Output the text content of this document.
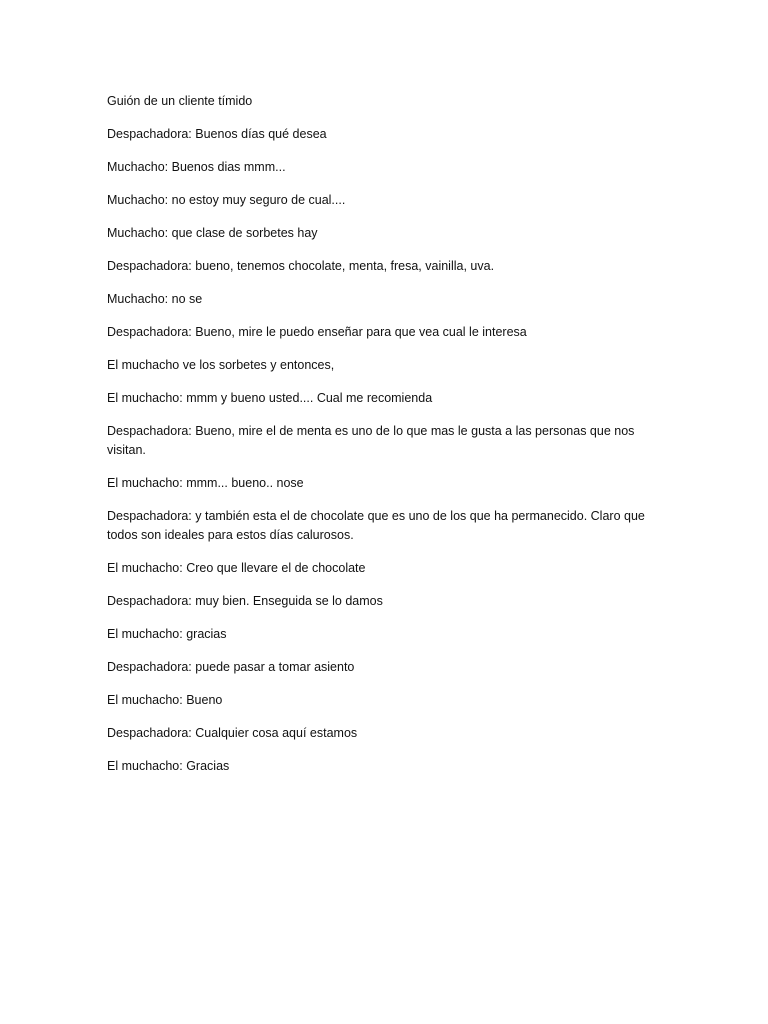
Guión de un cliente tímido

Despachadora: Buenos días qué desea

Muchacho: Buenos dias mmm...

Muchacho: no estoy muy seguro de cual....

Muchacho: que clase de sorbetes hay

Despachadora: bueno, tenemos chocolate, menta, fresa, vainilla, uva.

Muchacho: no se

Despachadora: Bueno, mire le puedo enseñar para que vea cual le interesa

El muchacho ve los sorbetes y entonces,

El muchacho: mmm y bueno usted.... Cual me recomienda

Despachadora: Bueno, mire el de menta es uno de lo que mas le gusta a las personas que nos visitan.

El muchacho: mmm... bueno.. nose

Despachadora: y también esta el de chocolate que es uno de los que ha permanecido. Claro que todos son ideales para estos días calurosos.

El muchacho: Creo que llevare el de chocolate

Despachadora: muy bien. Enseguida se lo damos

El muchacho: gracias

Despachadora: puede pasar a tomar asiento

El muchacho: Bueno

Despachadora: Cualquier cosa aquí estamos

El muchacho: Gracias
